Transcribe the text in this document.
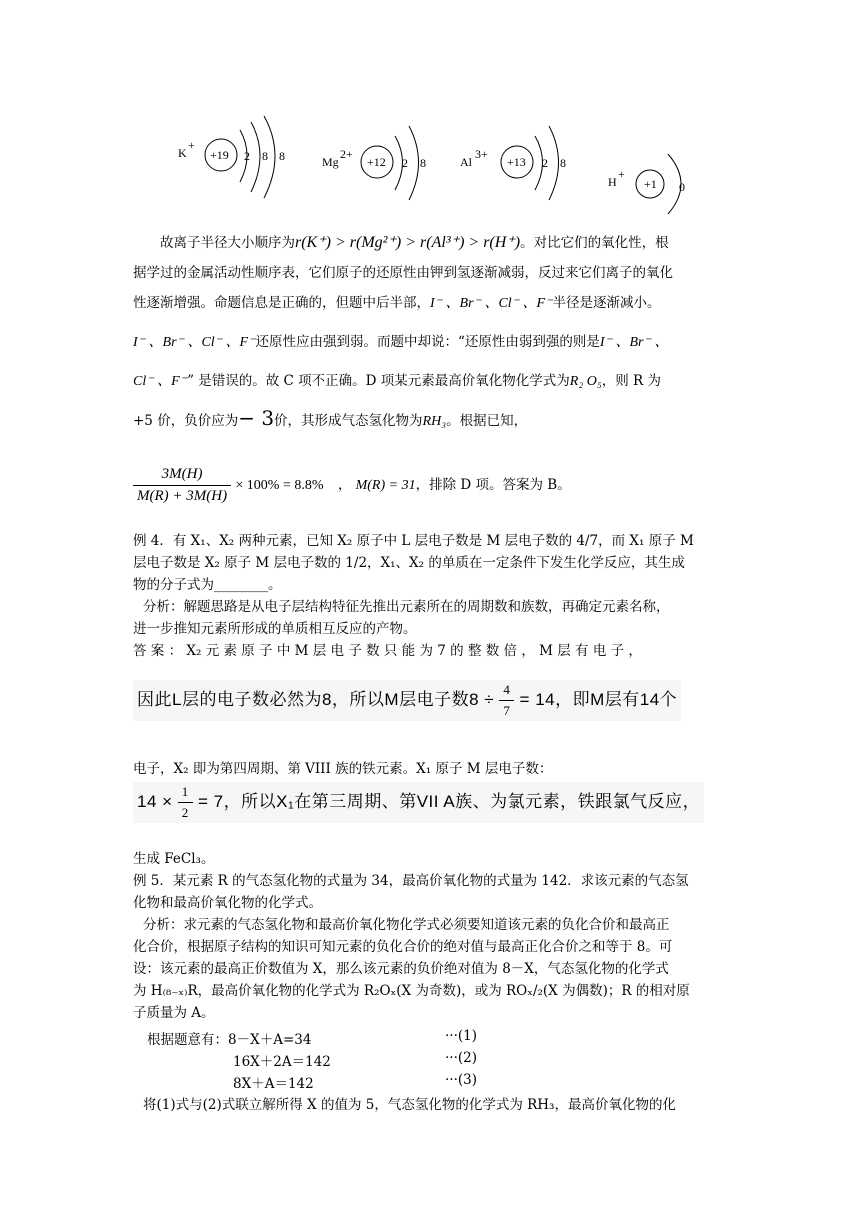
K
+
+19 2 8 8	Mg
2+
+12 2 8	Al
3+
+13 2 8
H
+
+1 0
故离子半径大小顺序为r(K⁺) > r(Mg²⁺) > r(Al³⁺) > r(H⁺)。对比它们的氧化性，根
据学过的金属活动性顺序表，它们原子的还原性由钾到氢逐渐减弱，反过来它们离子的氧化
性逐渐增强。命题信息是正确的，但题中后半部，I⁻ 、Br⁻ 、Cl⁻ 、F⁻半径是逐渐减小。
I⁻ 、Br⁻ 、Cl⁻ 、F⁻还原性应由强到弱。而题中却说：“还原性由弱到强的则是I⁻ 、Br⁻ 、
Cl⁻ 、F⁻” 是错误的。故 C 项不正确。D 项某元素最高价氧化物化学式为R₂ O₅，则 R 为
+5 价，负价应为− 3价，其形成气态氢化物为RH₃。根据已知，
$\frac{3M(H)}{M(R) + 3M(H)} \times 100\% = 8.8\%$ ， M(R) = 31，排除 D 项。答案为 B。
例 4．有 X₁、X₂ 两种元素，已知 X₂ 原子中 L 层电子数是 M 层电子数的 4/7，而 X₁ 原子 M
层电子数是 X₂ 原子 M 层电子数的 1/2，X₁、X₂ 的单质在一定条件下发生化学反应，其生成
物的分子式为________。
分析：解题思路是从电子层结构特征先推出元素所在的周期数和族数，再确定元素名称，
进一步推知元素所形成的单质相互反应的产物。
答 案 ： X₂ 元 素 原 子 中 M 层 电 子 数 只 能 为 7 的 整 数 倍 ， M 层 有 电 子 ，
因此L层的电子数必然为8，所以M层电子数$8 \div \frac{4}{7} = 14$，即M层有14个
电子，X₂ 即为第四周期、第 VIII 族的铁元素。X₁ 原子 M 层电子数：
$14 \times \frac{1}{2} = 7$，所以X₁在第三周期、第VII A族、为氯元素，铁跟氯气反应，
生成 FeCl₃。
例 5．某元素 R 的气态氢化物的式量为 34，最高价氧化物的式量为 142．求该元素的气态氢
化物和最高价氧化物的化学式。
分析：求元素的气态氢化物和最高价氧化物化学式必须要知道该元素的负化合价和最高正
化合价，根据原子结构的知识可知元素的负化合价的绝对值与最高正化合价之和等于 8。可
设：该元素的最高正价数值为 X，那么该元素的负价绝对值为 8－X，气态氢化物的化学式
为 H₍₈₋ₓ₎R，最高价氧化物的化学式为 R₂Oₓ(X 为奇数)，或为 ROₓ/₂(X 为偶数)；R 的相对原
子质量为 A。
根据题意有：8－X＋A=34	···(1)
16X＋2A＝142	···(2)
8X＋A＝142	···(3)
将(1)式与(2)式联立解所得 X 的值为 5，气态氢化物的化学式为 RH₃，最高价氧化物的化
